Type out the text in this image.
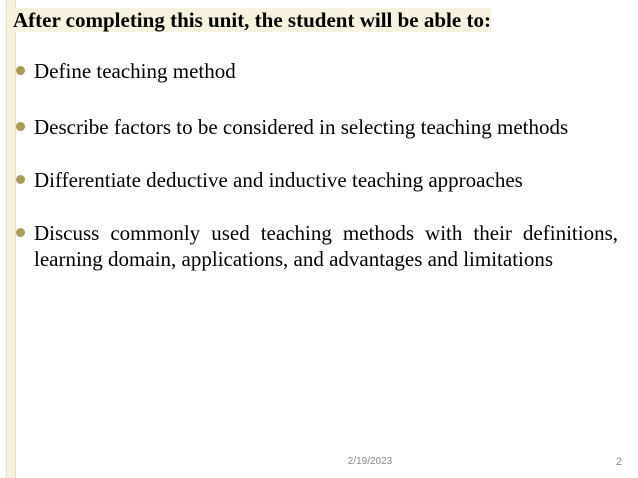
After completing this unit, the student will be able to:
Define teaching method
Describe factors to be considered in selecting teaching methods
Differentiate deductive and inductive teaching approaches
Discuss commonly used teaching methods with their definitions, learning domain, applications, and advantages and limitations
2/19/2023	2
